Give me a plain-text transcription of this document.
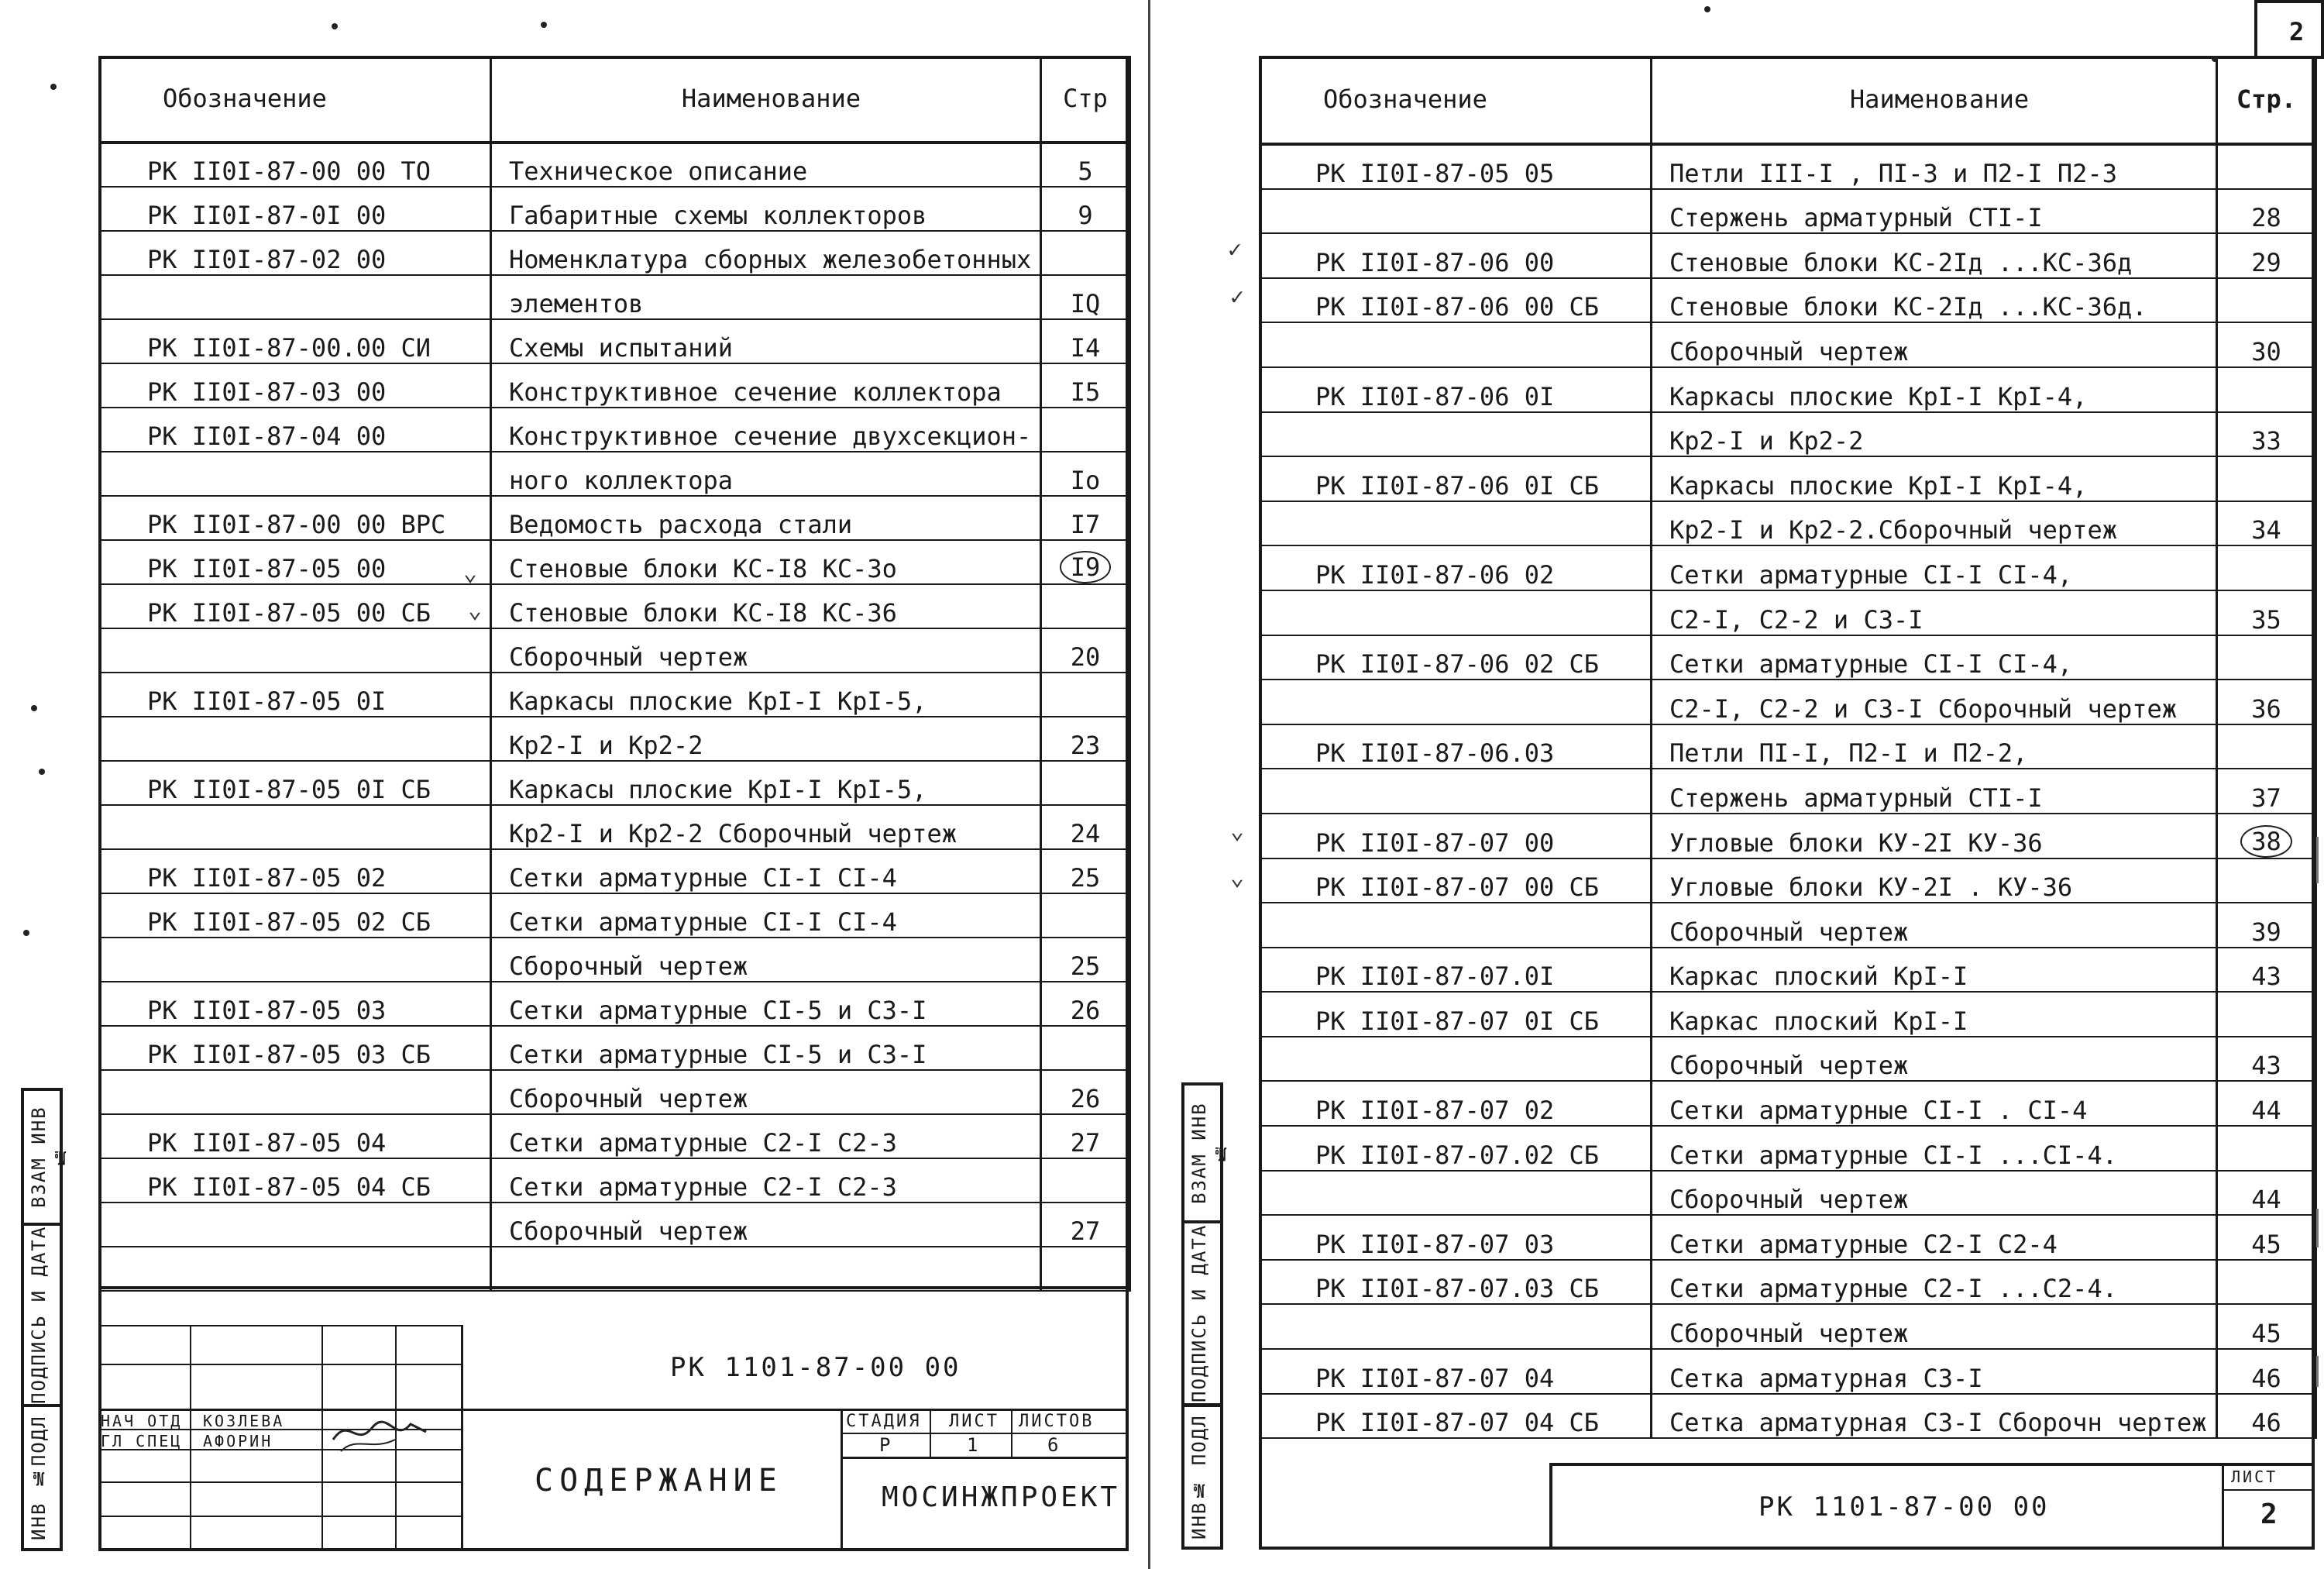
Обозначение	Наименование	Стр
РК II0I-87-00 00 ТО	Техническое описание	5
РК II0I-87-0I 00	Габаритные схемы коллекторов	9
РК II0I-87-02 00	Номенклатура сборных железобетонных	
	элементов	IQ
РК II0I-87-00.00 СИ	Схемы испытаний	I4
РК II0I-87-03 00	Конструктивное сечение коллектора	I5
РК II0I-87-04 00	Конструктивное сечение двухсекцион-	
	ного коллектора	Io
РК II0I-87-00 00 ВРС	Ведомость расхода стали	I7
РК II0I-87-05 00	Стеновые блоки КС-I8 КС-3о	I9
РК II0I-87-05 00 СБ	Стеновые блоки КС-I8 КС-36	
	Сборочный чертеж	20
РК II0I-87-05 0I	Каркасы плоские КрI-I КрI-5,	
	Кр2-I и Кр2-2	23
РК II0I-87-05 0I СБ	Каркасы плоские КрI-I КрI-5,	
	Кр2-I и Кр2-2 Сборочный чертеж	24
РК II0I-87-05 02	Сетки арматурные CI-I CI-4	25
РК II0I-87-05 02 СБ	Сетки арматурные CI-I CI-4	
	Сборочный чертеж	25
РК II0I-87-05 03	Сетки арматурные CI-5 и C3-I	26
РК II0I-87-05 03 СБ	Сетки арматурные CI-5 и C3-I	
	Сборочный чертеж	26
РК II0I-87-05 04	Сетки арматурные С2-I С2-3	27
РК II0I-87-05 04 СБ	Сетки арматурные С2-I С2-3	
	Сборочный чертеж	27

ИНВ №ПОДЛ
ПОДПИСЬ И ДАТА
ВЗАМ ИНВ №
РК 1101-87-00 00
СОДЕРЖАНИЕ
НАЧ ОТД КОЗЛЕВА
ГЛ СПЕЦ АФОРИН
СТАДИЯ ЛИСТ ЛИСТОВ
Р	1	6
МОСИНЖПРОЕКТ
⌄
⌄
2
Обозначение	Наименование	Стр.
РК II0I-87-05 05	Петли III-I , ПI-3 и П2-I П2-3	
	Стержень арматурный СТI-I	28
РК II0I-87-06 00	Стеновые блоки КС-2Iд ...КС-36д	29
РК II0I-87-06 00 СБ	Стеновые блоки КС-2Iд ...КС-36д.	
	Сборочный чертеж	30
РК II0I-87-06 0I	Каркасы плоские КрI-I КрI-4,	
	Кр2-I и Кр2-2	33
РК II0I-87-06 0I СБ	Каркасы плоские КрI-I КрI-4,	
	Кр2-I и Кр2-2.Сборочный чертеж	34
РК II0I-87-06 02	Сетки арматурные CI-I CI-4,	
	С2-I, С2-2 и С3-I	35
РК II0I-87-06 02 СБ	Сетки арматурные CI-I CI-4,	
	С2-I, С2-2 и С3-I Сборочный чертеж	36
РК II0I-87-06.03	Петли ПI-I, П2-I и П2-2,	
	Стержень арматурный СТI-I	37
РК II0I-87-07 00	Угловые блоки КУ-2I КУ-36	38
РК II0I-87-07 00 СБ	Угловые блоки КУ-2I . КУ-36	
	Сборочный чертеж	39
РК II0I-87-07.0I	Каркас плоский КрI-I	43
РК II0I-87-07 0I СБ	Каркас плоский КрI-I	
	Сборочный чертеж	43
РК II0I-87-07 02	Сетки арматурные CI-I . CI-4	44
РК II0I-87-07.02 СБ	Сетки арматурные CI-I ...CI-4.	
	Сборочный чертеж	44
РК II0I-87-07 03	Сетки арматурные С2-I С2-4	45
РК II0I-87-07.03 СБ	Сетки арматурные С2-I ...С2-4.	
	Сборочный чертеж	45
РК II0I-87-07 04	Сетка арматурная С3-I	46
РК II0I-87-07 04 СБ	Сетка арматурная С3-I Сборочн чертеж	46
ИНВ№ ПОДЛ
ПОДПИСЬ И ДАТА
ВЗАМ ИНВ №
РК 1101-87-00 00
ЛИСТ
2
✓
✓
⌄
⌄
